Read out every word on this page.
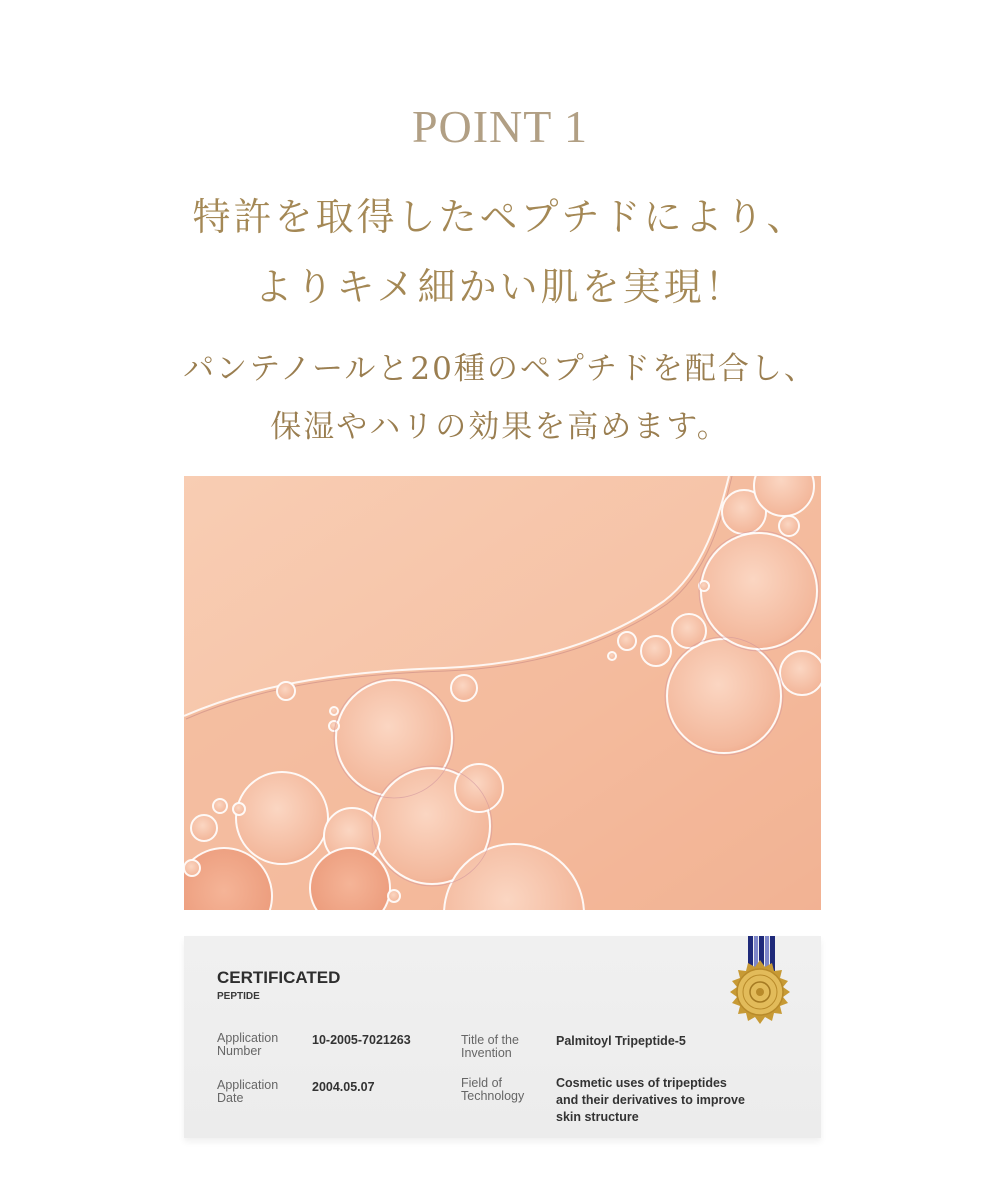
POINT 1
特許を取得したペプチドにより、
よりキメ細かい肌を実現！
パンテノールと20種のペプチドを配合し、
保湿やハリの効果を高めます。
CERTIFICATED
PEPTIDE
Application
Number
10-2005-7021263
Application
Date
2004.05.07
Title of the
Invention
Palmitoyl Tripeptide-5
Field of
Technology
Cosmetic uses of tripeptides
and their derivatives to improve
skin structure
